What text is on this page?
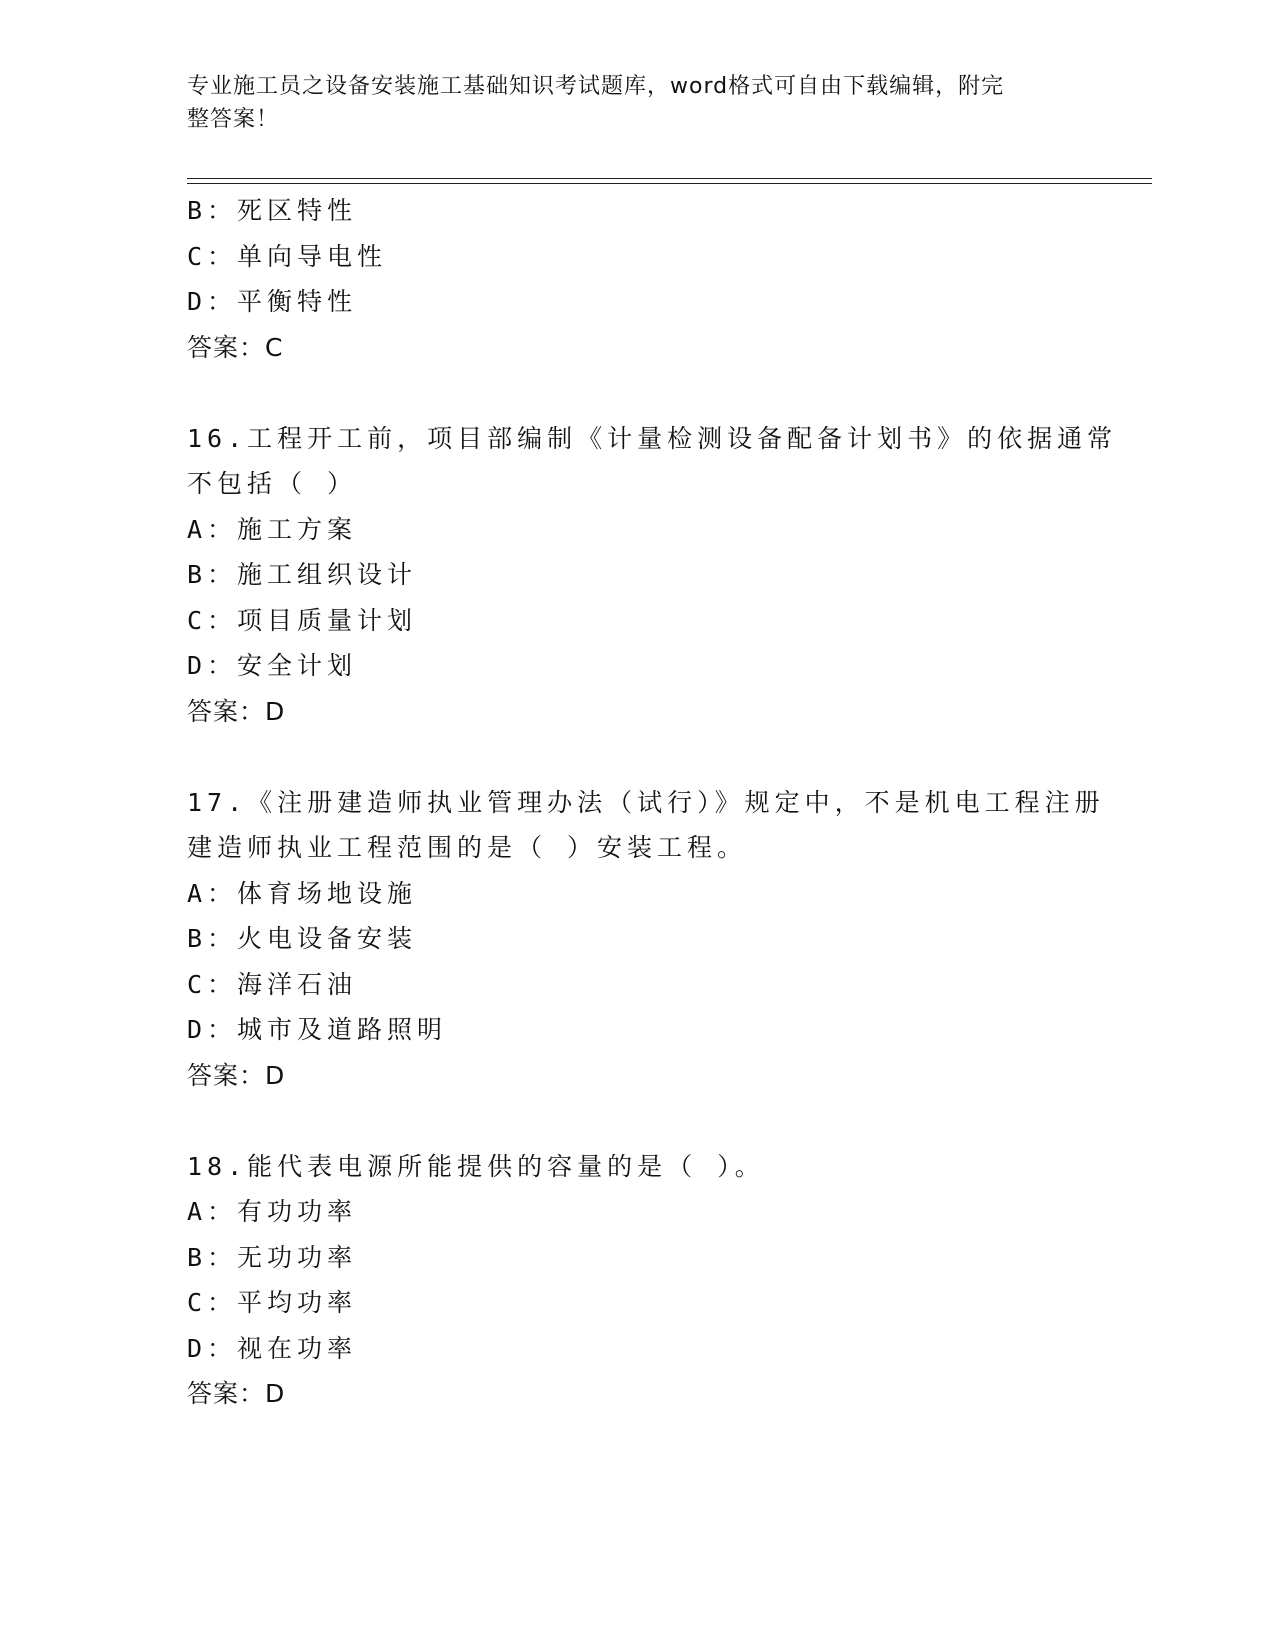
专业施工员之设备安装施工基础知识考试题库，word格式可自由下载编辑，附完
整答案！
B：死区特性
C：单向导电性
D：平衡特性
答案：C
16.工程开工前，项目部编制《计量检测设备配备计划书》的依据通常
不包括（ ）
A：施工方案
B：施工组织设计
C：项目质量计划
D：安全计划
答案：D
17.《注册建造师执业管理办法（试行）》规定中，不是机电工程注册
建造师执业工程范围的是（ ）安装工程。
A：体育场地设施
B：火电设备安装
C：海洋石油
D：城市及道路照明
答案：D
18.能代表电源所能提供的容量的是（ ）。
A：有功功率
B：无功功率
C：平均功率
D：视在功率
答案：D
